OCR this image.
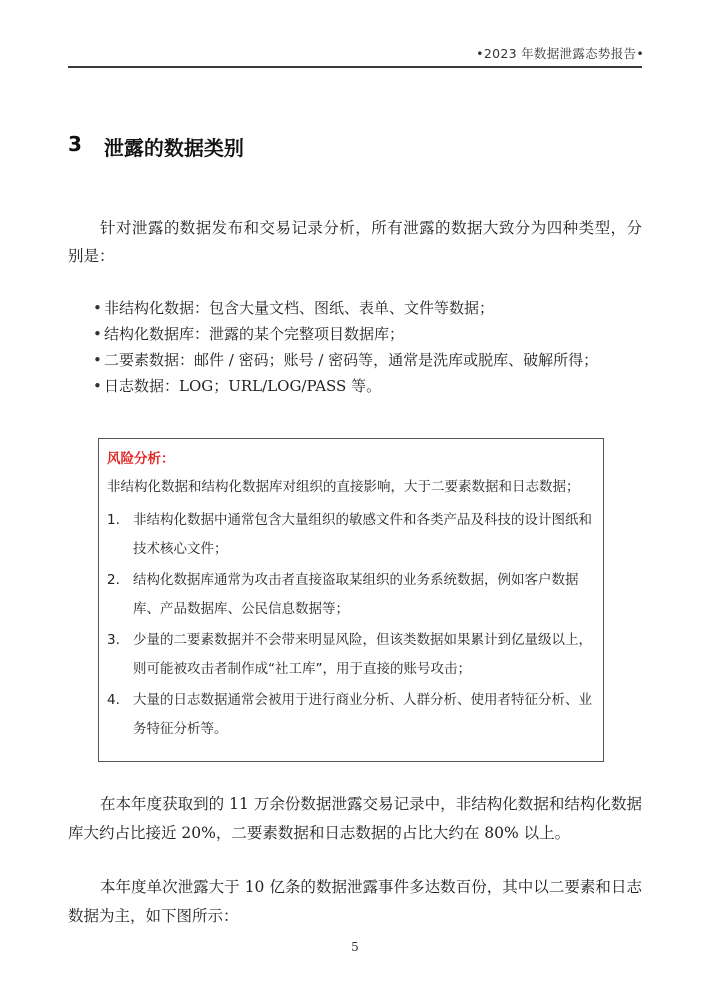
•2023 年数据泄露态势报告•
3 泄露的数据类别

针对泄露的数据发布和交易记录分析，所有泄露的数据大致分为四种类型，分别是：

• 非结构化数据：包含大量文档、图纸、表单、文件等数据；
• 结构化数据库：泄露的某个完整项目数据库；
• 二要素数据：邮件 / 密码；账号 / 密码等，通常是洗库或脱库、破解所得；
• 日志数据：LOG；URL/LOG/PASS 等。
风险分析：
非结构化数据和结构化数据库对组织的直接影响，大于二要素数据和日志数据；
1. 非结构化数据中通常包含大量组织的敏感文件和各类产品及科技的设计图纸和技术核心文件；
2. 结构化数据库通常为攻击者直接盗取某组织的业务系统数据，例如客户数据库、产品数据库、公民信息数据等；
3. 少量的二要素数据并不会带来明显风险，但该类数据如果累计到亿量级以上，则可能被攻击者制作成“社工库”，用于直接的账号攻击；
4. 大量的日志数据通常会被用于进行商业分析、人群分析、使用者特征分析、业务特征分析等。

在本年度获取到的 11 万余份数据泄露交易记录中，非结构化数据和结构化数据库大约占比接近 20%，二要素数据和日志数据的占比大约在 80% 以上。

本年度单次泄露大于 10 亿条的数据泄露事件多达数百份，其中以二要素和日志数据为主，如下图所示：

5
